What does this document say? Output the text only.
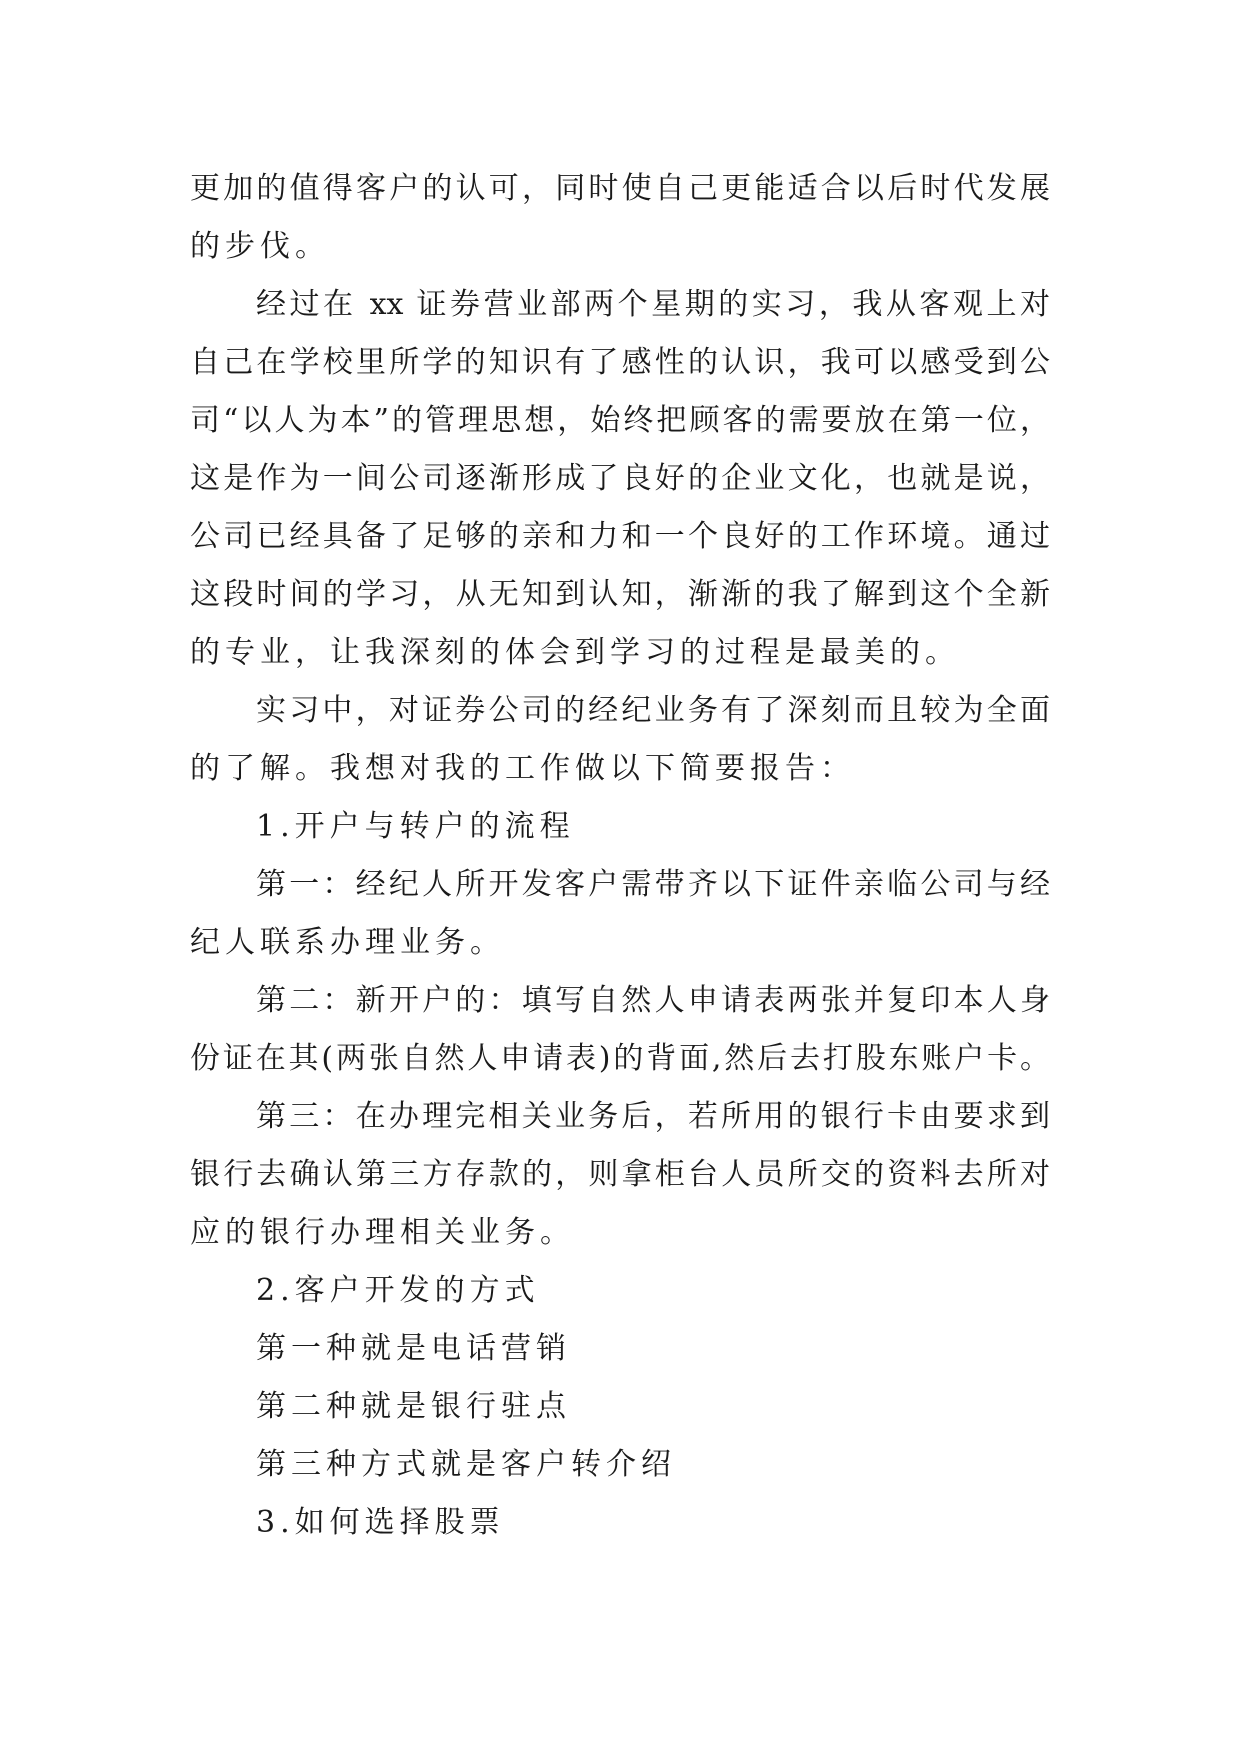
更加的值得客户的认可，同时使自己更能适合以后时代发展
的步伐。
经过在 xx 证券营业部两个星期的实习，我从客观上对
自己在学校里所学的知识有了感性的认识，我可以感受到公
司“以人为本”的管理思想，始终把顾客的需要放在第一位，
这是作为一间公司逐渐形成了良好的企业文化，也就是说，
公司已经具备了足够的亲和力和一个良好的工作环境。通过
这段时间的学习，从无知到认知，渐渐的我了解到这个全新
的专业，让我深刻的体会到学习的过程是最美的。
实习中，对证券公司的经纪业务有了深刻而且较为全面
的了解。我想对我的工作做以下简要报告：
1.开户与转户的流程
第一：经纪人所开发客户需带齐以下证件亲临公司与经
纪人联系办理业务。
第二：新开户的：填写自然人申请表两张并复印本人身
份证在其(两张自然人申请表)的背面,然后去打股东账户卡。
第三：在办理完相关业务后，若所用的银行卡由要求到
银行去确认第三方存款的，则拿柜台人员所交的资料去所对
应的银行办理相关业务。
2.客户开发的方式
第一种就是电话营销
第二种就是银行驻点
第三种方式就是客户转介绍
3.如何选择股票
